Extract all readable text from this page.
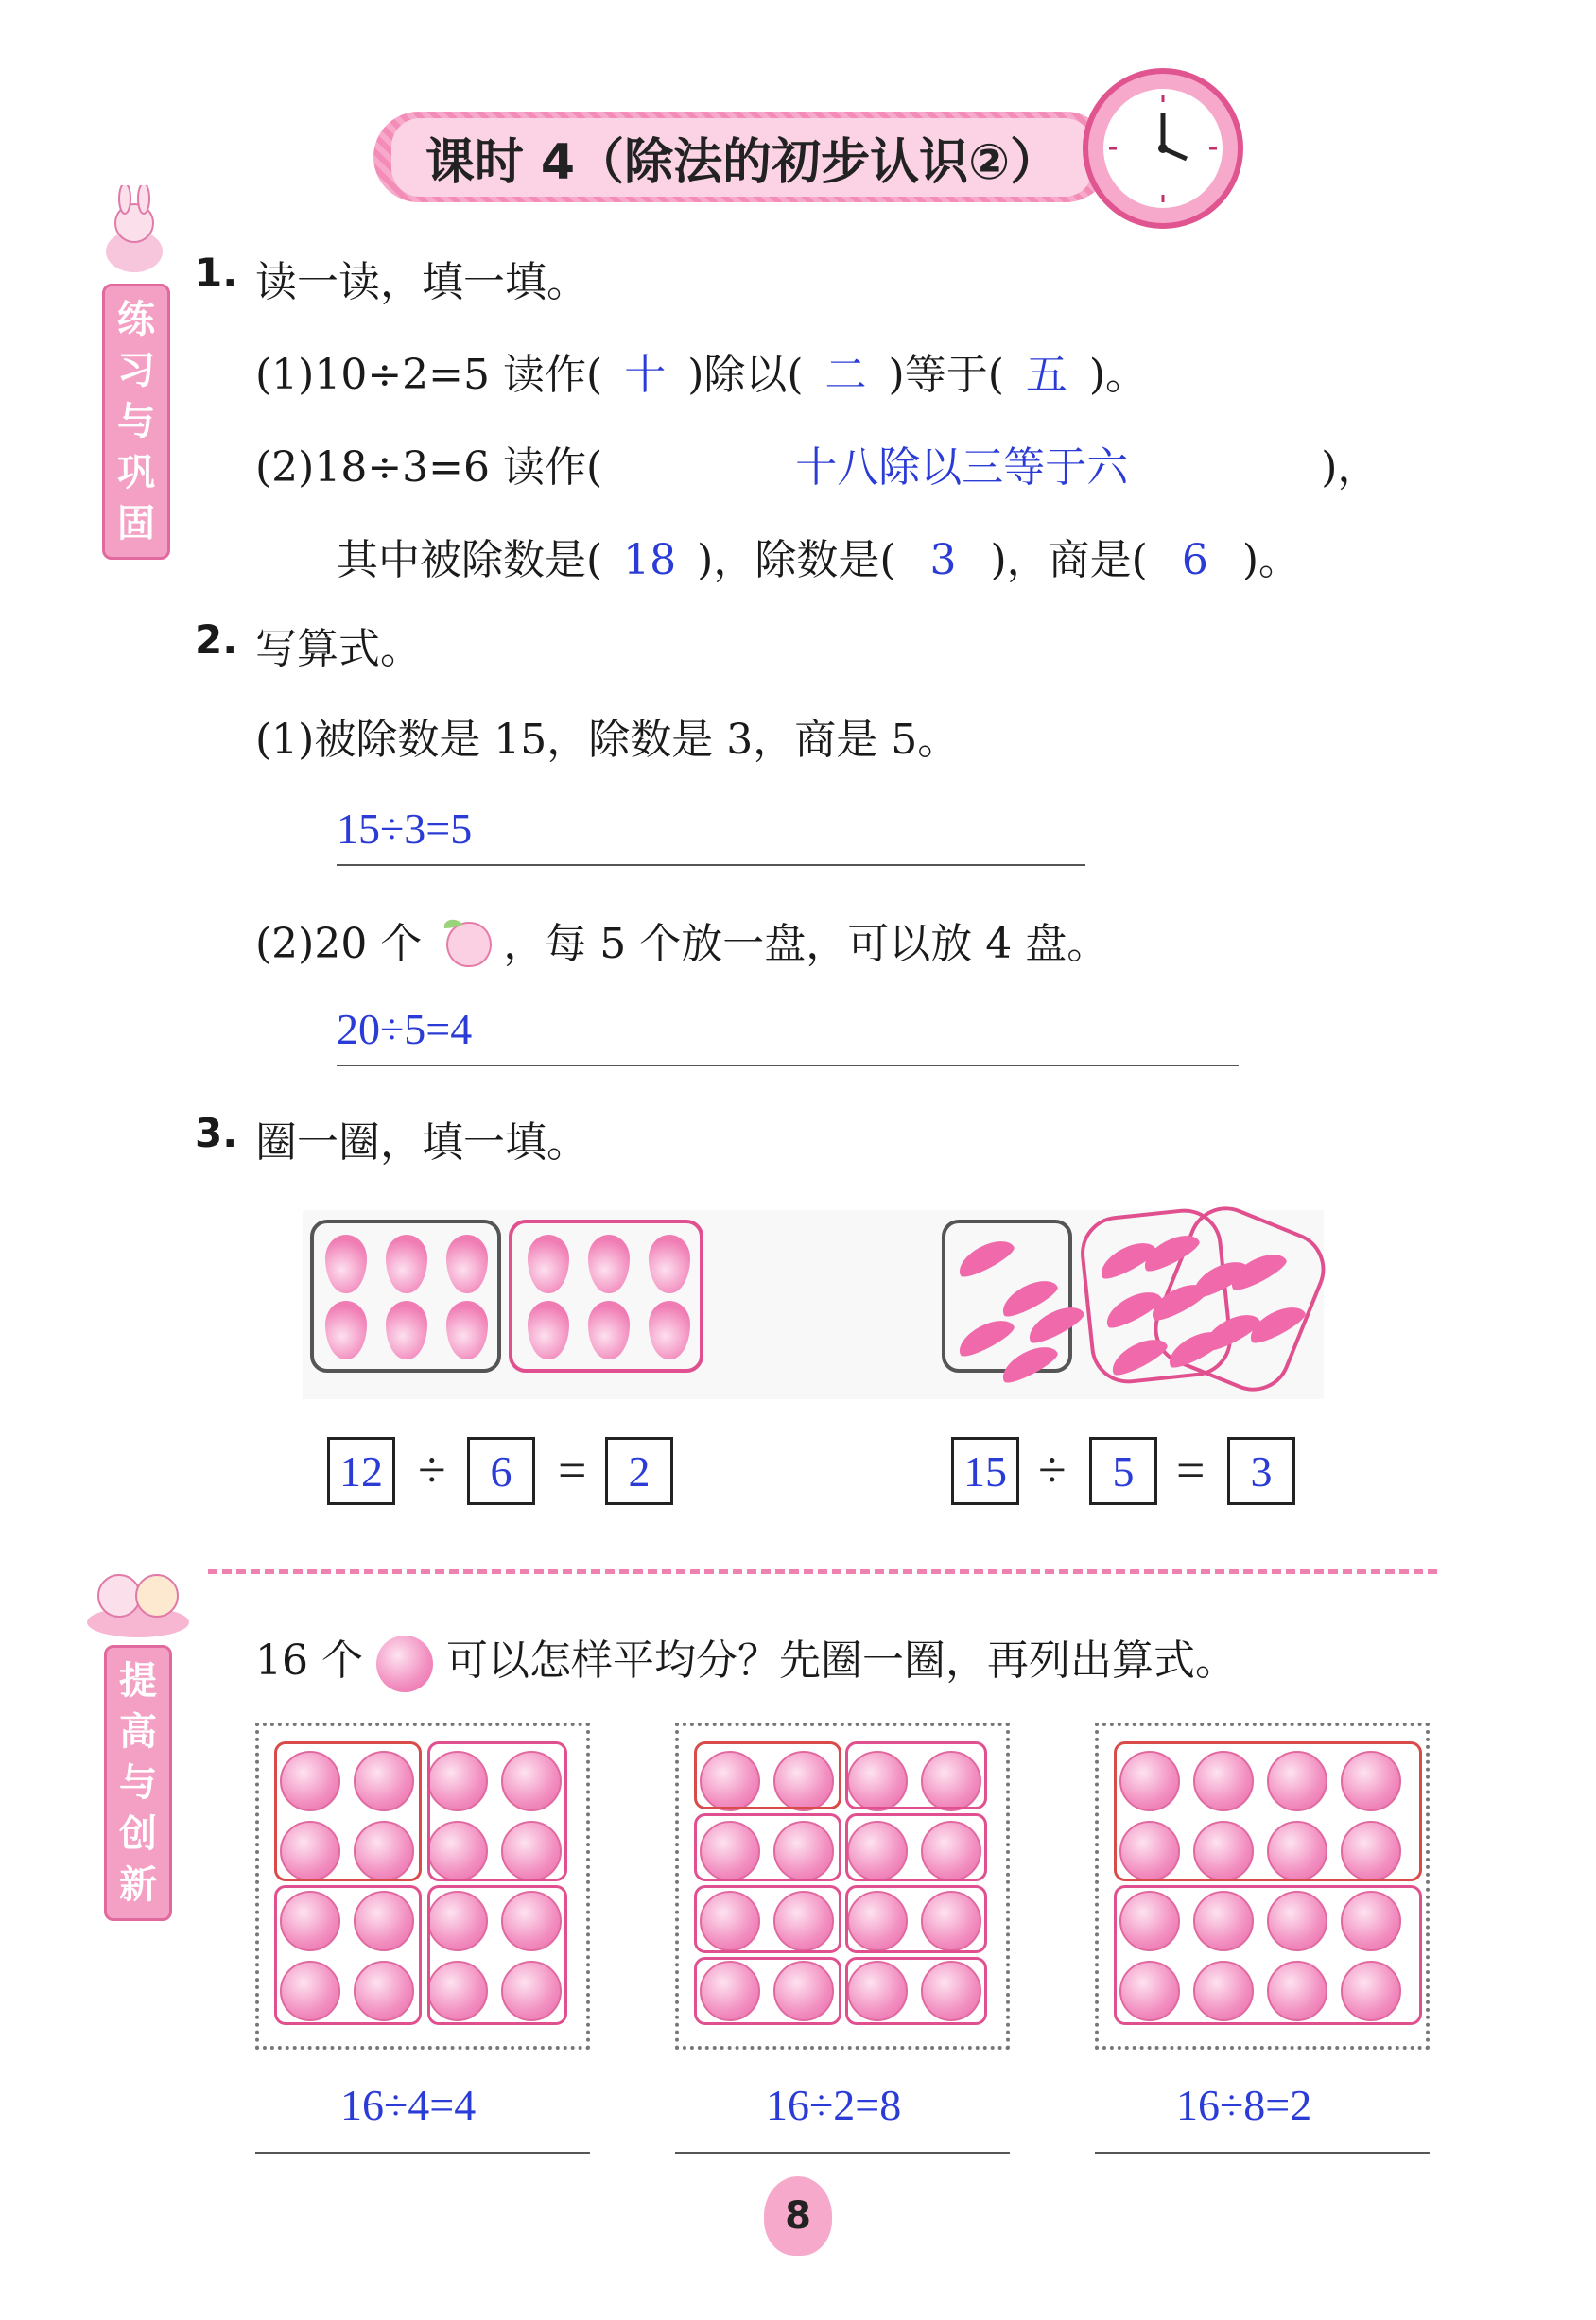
课时 4（除法的初步认识②）
练
习
与
巩
固
1. 读一读，填一填。
(1)10÷2=5 读作( 十 )除以( 二 )等于( 五 )。
(2)18÷3=6 读作(	十八除以三等于六	)，
其中被除数是( 18 )，除数是( 3 )，商是( 6 )。
2. 写算式。
(1)被除数是 15，除数是 3，商是 5。
15÷3=5
(2)20 个 ，每 5 个放一盘，可以放 4 盘。
20÷5=4
3. 圈一圈，填一填。
12 ÷	6 = 2	15 ÷	5 =	3
提
高
与
创
新
16 个 可以怎样平均分？先圈一圈，再列出算式。
16÷4=4	16÷2=8	16÷8=2
8
